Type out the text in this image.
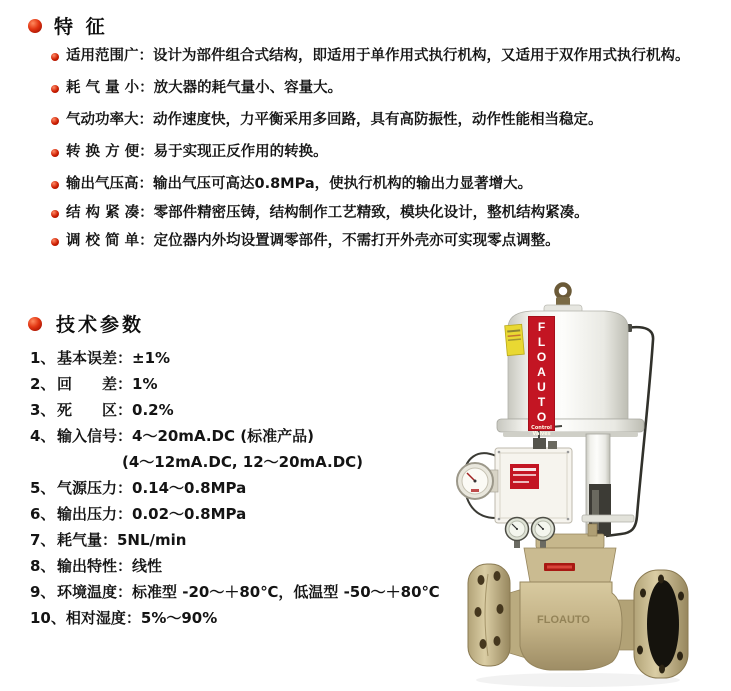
特 征
适用范围广：设计为部件组合式结构，即适用于单作用式执行机构，又适用于双作用式执行机构。
耗 气 量 小：放大器的耗气量小、容量大。
气动功率大：动作速度快，力平衡采用多回路，具有高防振性，动作性能相当稳定。
转 换 方 便：易于实现正反作用的转换。
输出气压高：输出气压可高达0.8MPa，使执行机构的输出力显著增大。
结 构 紧 凑：零部件精密压铸，结构制作工艺精致，模块化设计，整机结构紧凑。
调 校 简 单：定位器内外均设置调零部件，不需打开外壳亦可实现零点调整。
技术参数
1、 基本误差：±1%
2、 回　　差：1%
3、 死　　区：0.2%
4、 输入信号：4～20mA.DC (标准产品)
(4～12mA.DC, 12～20mA.DC)
5、 气源压力：0.14～0.8MPa
6、 输出压力：0.02～0.8MPa
7、 耗气量：5NL/min
8、 输出特性：线性
9、 环境温度：标准型 -20～＋80℃，低温型 -50～＋80℃
10、相对湿度：5%～90%	FLOAUTO
FLOAUTO
Control Valves
